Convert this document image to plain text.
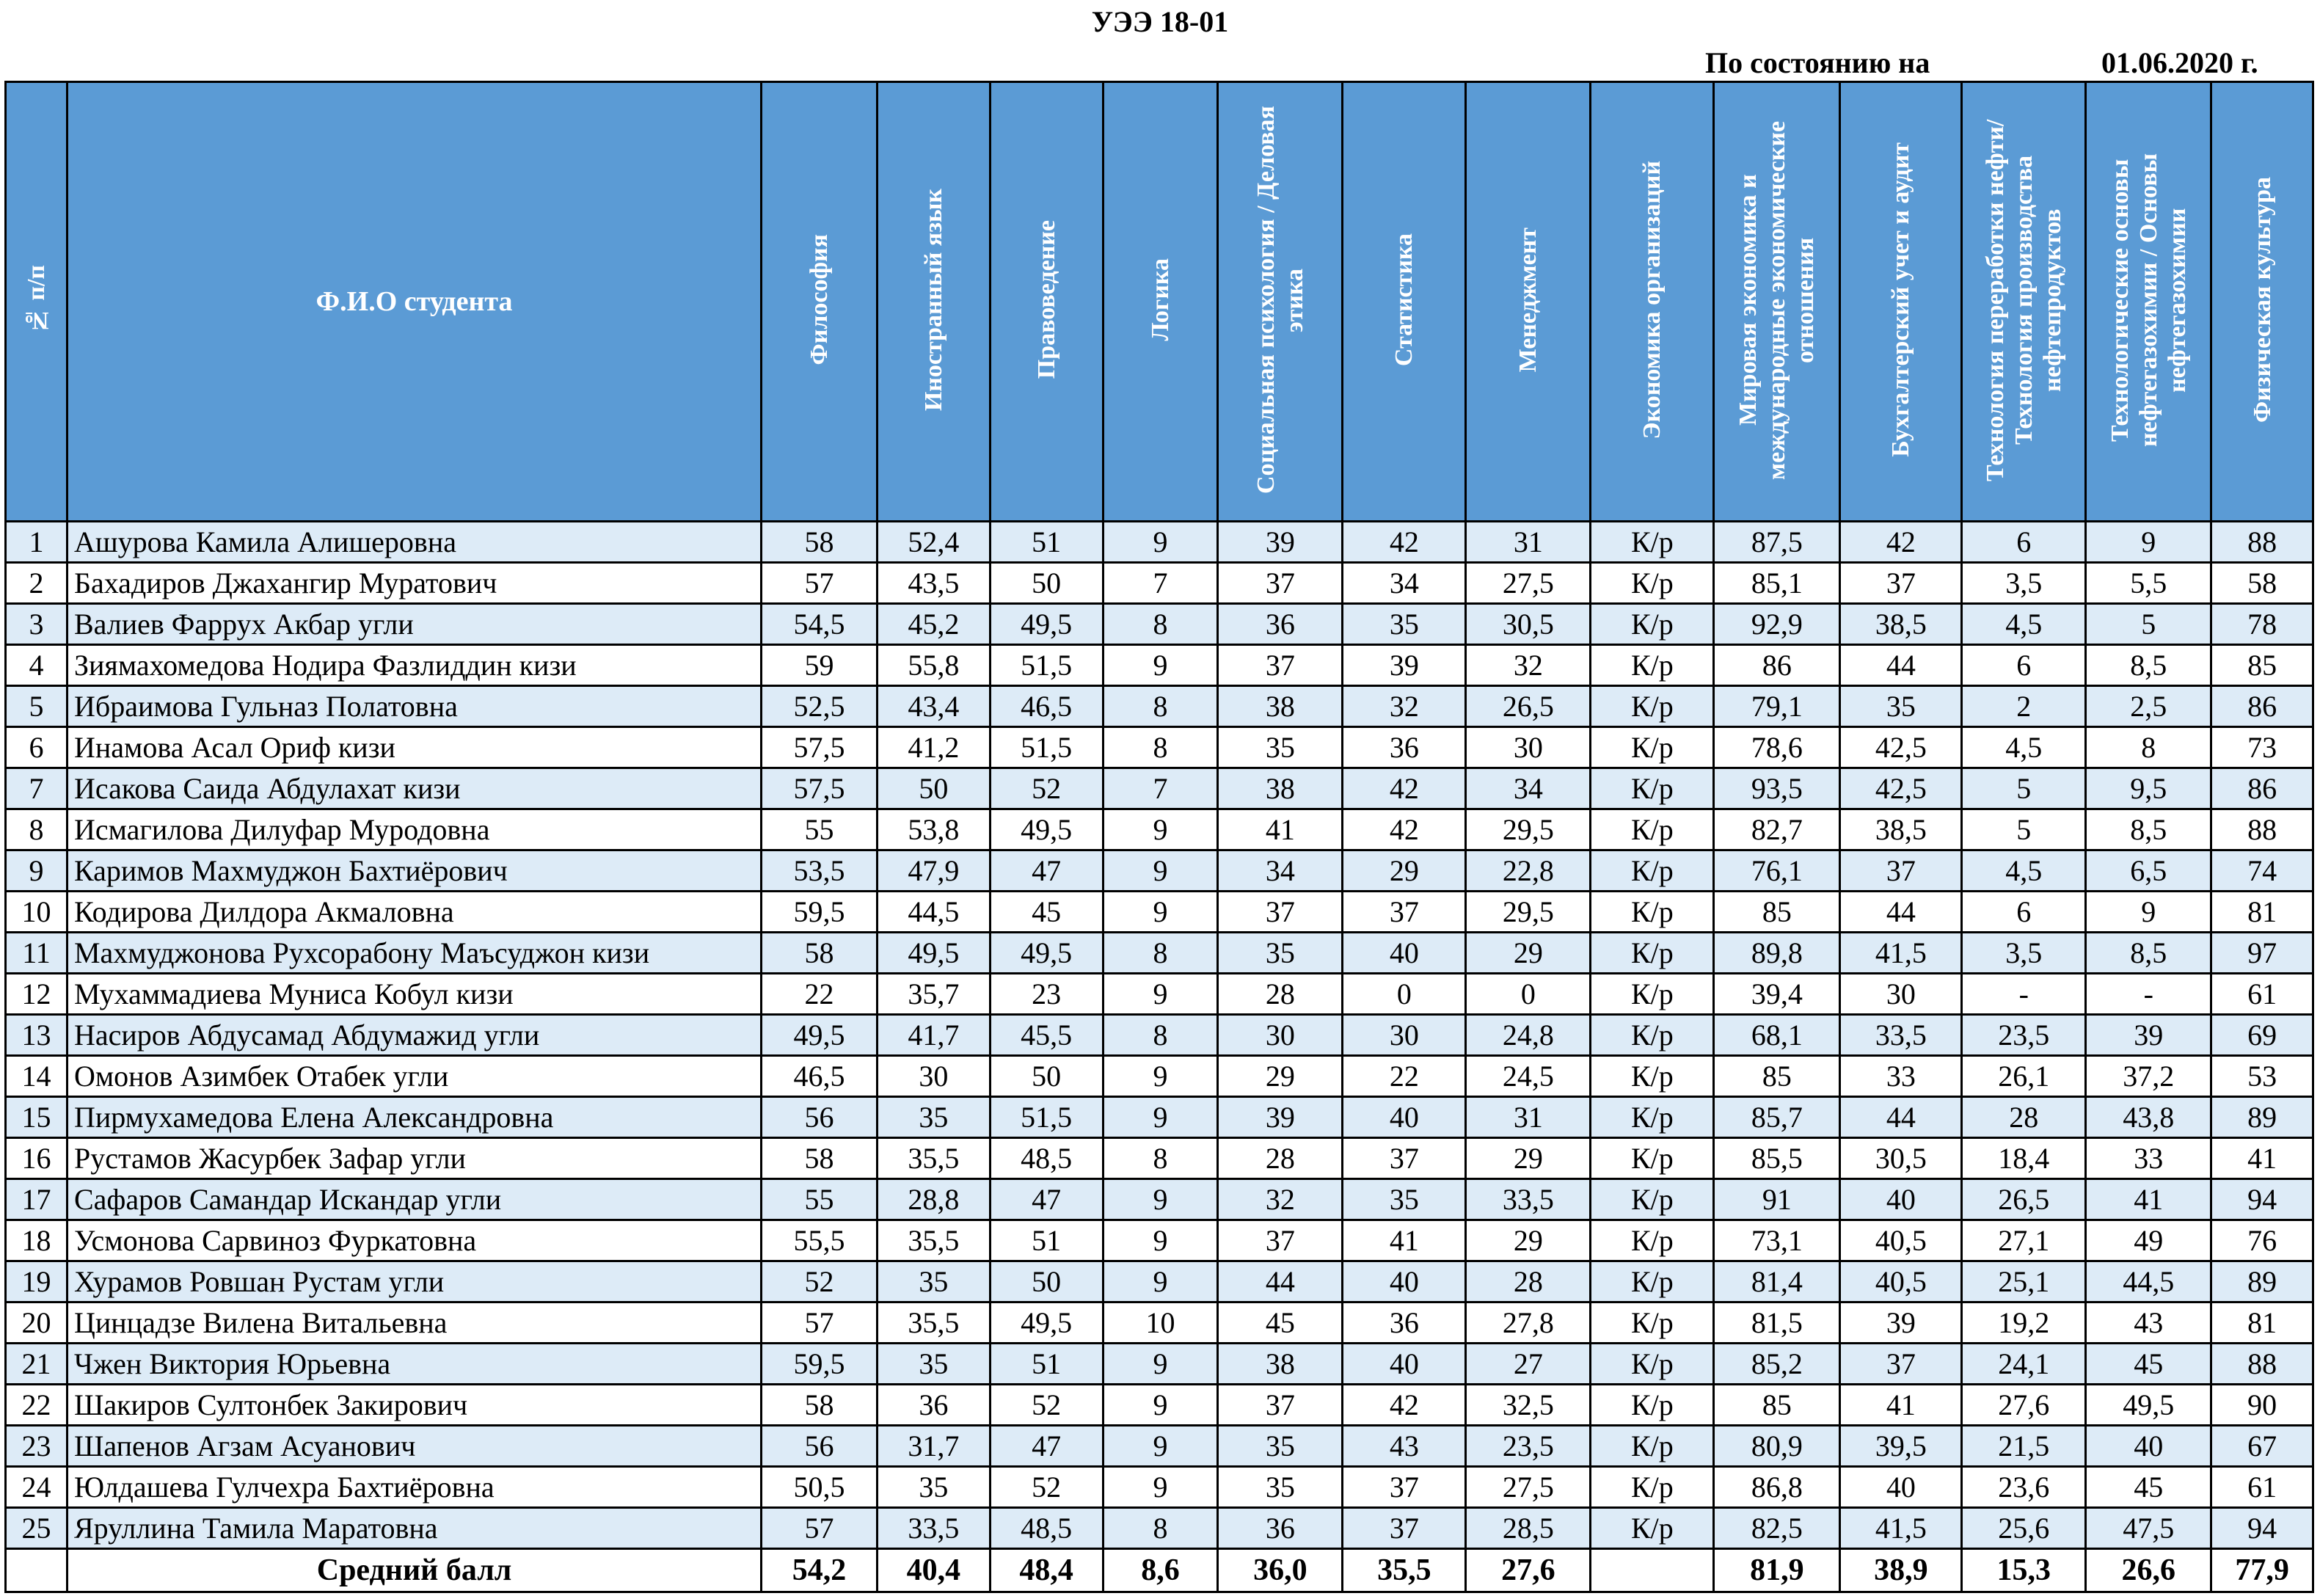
УЭЭ 18-01
По состоянию на	01.06.2020 г.
№ п/п	Ф.И.О студента	Философия	Иностранный язык	Правоведение	Логика	Социальная психология / Деловая этика	Статистика	Менеджмент	Экономика организаций	Мировая экономика и международные экономические отношения	Бухгалтерский учет и аудит	Технология переработки нефти/ Технология производства нефтепродуктов	Технологические основы нефтегазохимии / Основы нефтегазохимии	Физическая культура
1	Ашурова Камила Алишеровна	58	52,4	51	9	39	42	31	К/р	87,5	42	6	9	88
2	Бахадиров Джахангир Муратович	57	43,5	50	7	37	34	27,5	К/р	85,1	37	3,5	5,5	58
3	Валиев Фаррух Акбар угли	54,5	45,2	49,5	8	36	35	30,5	К/р	92,9	38,5	4,5	5	78
4	Зиямахомедова Нодира Фазлиддин кизи	59	55,8	51,5	9	37	39	32	К/р	86	44	6	8,5	85
5	Ибраимова Гульназ Полатовна	52,5	43,4	46,5	8	38	32	26,5	К/р	79,1	35	2	2,5	86
6	Инамова Асал Ориф кизи	57,5	41,2	51,5	8	35	36	30	К/р	78,6	42,5	4,5	8	73
7	Исакова Саида Абдулахат кизи	57,5	50	52	7	38	42	34	К/р	93,5	42,5	5	9,5	86
8	Исмагилова Дилуфар Муродовна	55	53,8	49,5	9	41	42	29,5	К/р	82,7	38,5	5	8,5	88
9	Каримов Махмуджон Бахтиёрович	53,5	47,9	47	9	34	29	22,8	К/р	76,1	37	4,5	6,5	74
10	Кодирова Дилдора Акмаловна	59,5	44,5	45	9	37	37	29,5	К/р	85	44	6	9	81
11	Махмуджонова Рухсорабону Маъсуджон кизи	58	49,5	49,5	8	35	40	29	К/р	89,8	41,5	3,5	8,5	97
12	Мухаммадиева Муниса Кобул кизи	22	35,7	23	9	28	0	0	К/р	39,4	30	-	-	61
13	Насиров Абдусамад Абдумажид угли	49,5	41,7	45,5	8	30	30	24,8	К/р	68,1	33,5	23,5	39	69
14	Омонов Азимбек Отабек угли	46,5	30	50	9	29	22	24,5	К/р	85	33	26,1	37,2	53
15	Пирмухамедова Елена Александровна	56	35	51,5	9	39	40	31	К/р	85,7	44	28	43,8	89
16	Рустамов Жасурбек Зафар угли	58	35,5	48,5	8	28	37	29	К/р	85,5	30,5	18,4	33	41
17	Сафаров Самандар Искандар угли	55	28,8	47	9	32	35	33,5	К/р	91	40	26,5	41	94
18	Усмонова Сарвиноз Фуркатовна	55,5	35,5	51	9	37	41	29	К/р	73,1	40,5	27,1	49	76
19	Хурамов Ровшан Рустам угли	52	35	50	9	44	40	28	К/р	81,4	40,5	25,1	44,5	89
20	Цинцадзе Вилена Витальевна	57	35,5	49,5	10	45	36	27,8	К/р	81,5	39	19,2	43	81
21	Чжен Виктория Юрьевна	59,5	35	51	9	38	40	27	К/р	85,2	37	24,1	45	88
22	Шакиров Султонбек Закирович	58	36	52	9	37	42	32,5	К/р	85	41	27,6	49,5	90
23	Шапенов Агзам Асуанович	56	31,7	47	9	35	43	23,5	К/р	80,9	39,5	21,5	40	67
24	Юлдашева Гулчехра Бахтиёровна	50,5	35	52	9	35	37	27,5	К/р	86,8	40	23,6	45	61
25	Яруллина Тамила Маратовна	57	33,5	48,5	8	36	37	28,5	К/р	82,5	41,5	25,6	47,5	94
	Средний балл	54,2	40,4	48,4	8,6	36,0	35,5	27,6		81,9	38,9	15,3	26,6	77,9
